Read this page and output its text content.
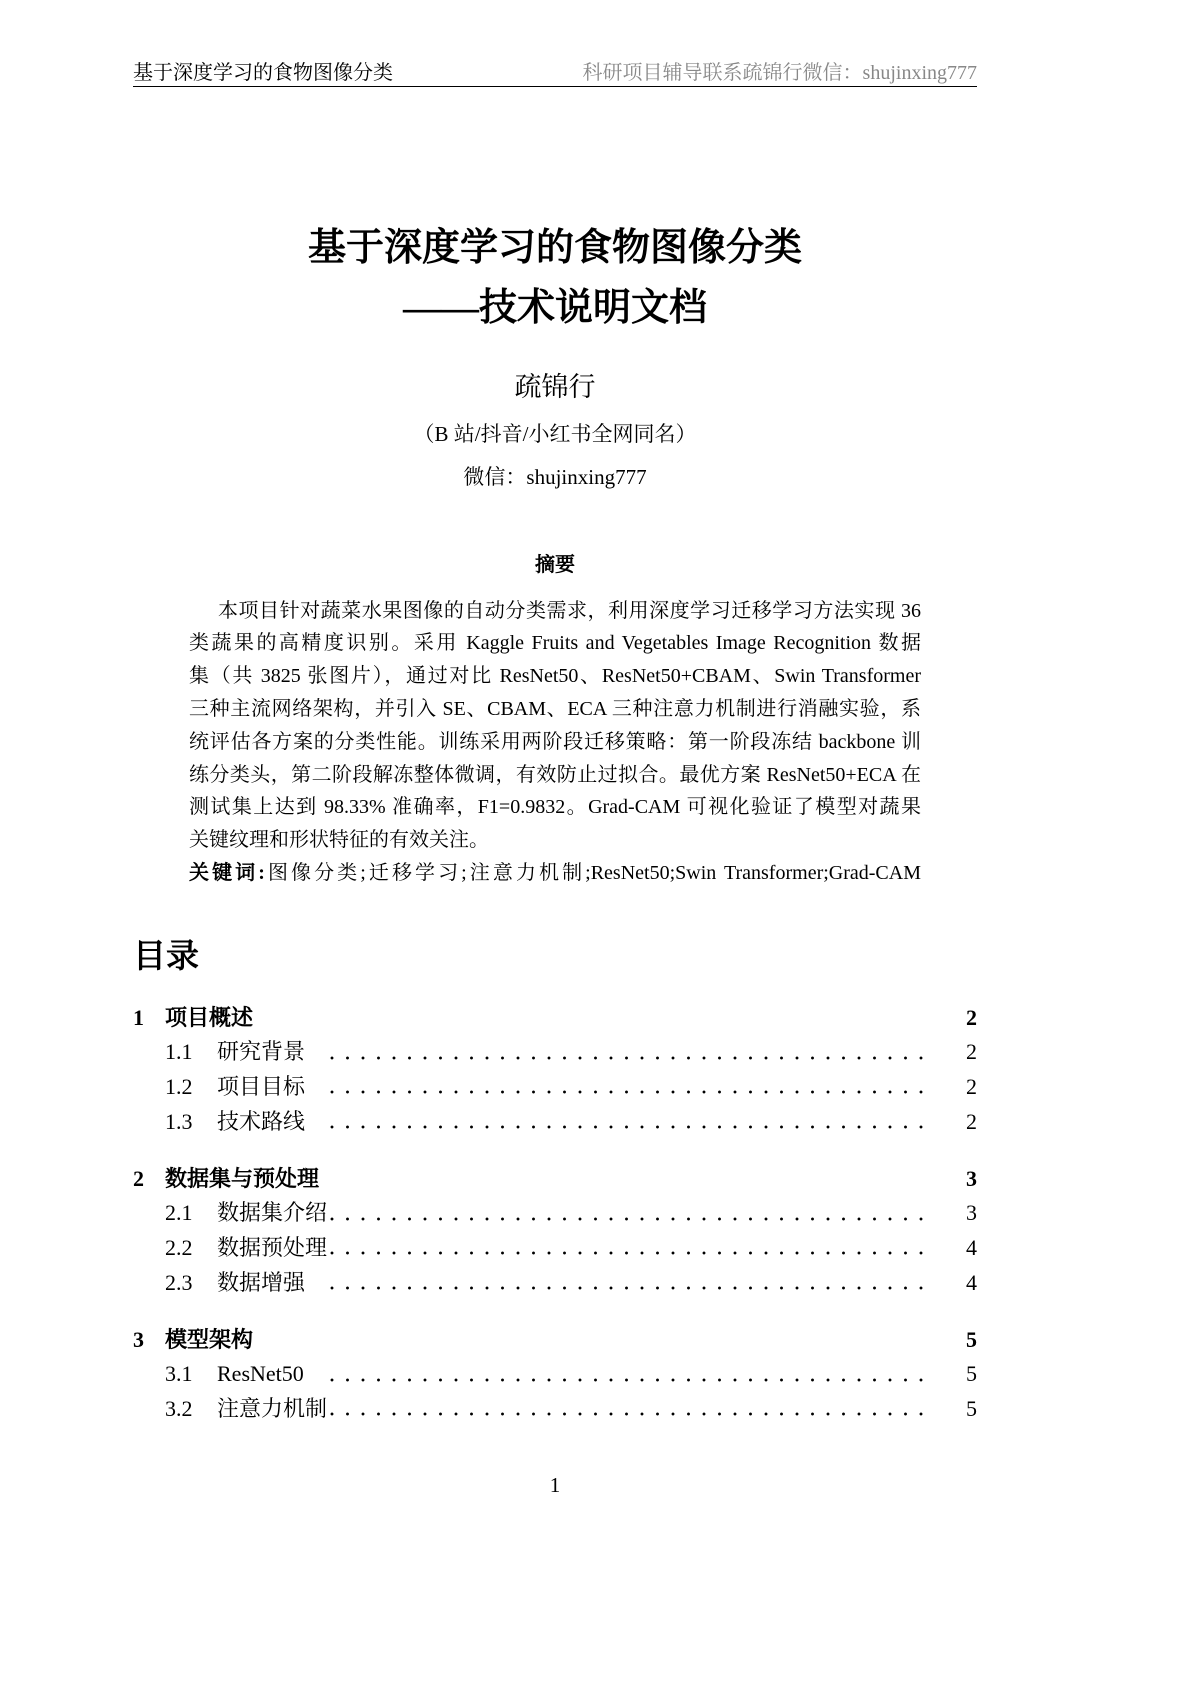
基于深度学习的食物图像分类	科研项目辅导联系疏锦行微信：shujinxing777
基于深度学习的食物图像分类
——技术说明文档
疏锦行
（B 站/抖音/小红书全网同名）
微信：shujinxing777
摘要
本项目针对蔬菜水果图像的自动分类需求，利用深度学习迁移学习方法实现 36
类蔬果的高精度识别。采用 Kaggle Fruits and Vegetables Image Recognition 数据
集（共 3825 张图片），通过对比 ResNet50、ResNet50+CBAM、Swin Transformer
三种主流网络架构，并引入 SE、CBAM、ECA 三种注意力机制进行消融实验，系
统评估各方案的分类性能。训练采用两阶段迁移策略：第一阶段冻结 backbone 训
练分类头，第二阶段解冻整体微调，有效防止过拟合。最优方案 ResNet50+ECA 在
测试集上达到 98.33% 准确率，F1=0.9832。Grad-CAM 可视化验证了模型对蔬果
关键纹理和形状特征的有效关注。
关键词:图像分类;迁移学习;注意力机制;ResNet50;Swin Transformer;Grad-CAM
目录
1 项目概述	2
1.1 研究背景	2
1.2 项目目标	2
1.3 技术路线	2
2 数据集与预处理	3
2.1 数据集介绍	3
2.2 数据预处理	4
2.3 数据增强	4
3 模型架构	5
3.1 ResNet50	5
3.2 注意力机制	5
1
